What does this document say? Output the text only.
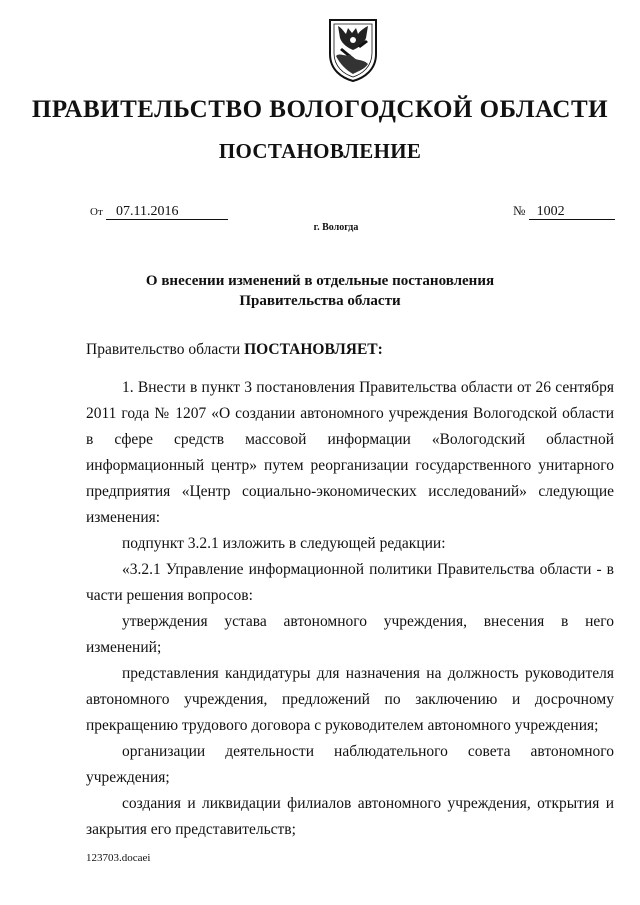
ПРАВИТЕЛЬСТВО ВОЛОГОДСКОЙ ОБЛАСТИ
ПОСТАНОВЛЕНИЕ
От 07.11.2016	№ 1002
г. Вологда
О внесении изменений в отдельные постановления
Правительства области
Правительство области ПОСТАНОВЛЯЕТ:

1. Внести в пункт 3 постановления Правительства области от 26 сентября 2011 года № 1207 «О создании автономного учреждения Вологодской области в сфере средств массовой информации «Вологодский областной информационный центр» путем реорганизации государственного унитарного предприятия «Центр социально-экономических исследований» следующие изменения:

подпункт 3.2.1 изложить в следующей редакции:

«3.2.1 Управление информационной политики Правительства области - в части решения вопросов:

утверждения устава автономного учреждения, внесения в него изменений;

представления кандидатуры для назначения на должность руководителя автономного учреждения, предложений по заключению и досрочному прекращению трудового договора с руководителем автономного учреждения;

организации деятельности наблюдательного совета автономного учреждения;

создания и ликвидации филиалов автономного учреждения, открытия и закрытия его представительств;

123703.docaei
